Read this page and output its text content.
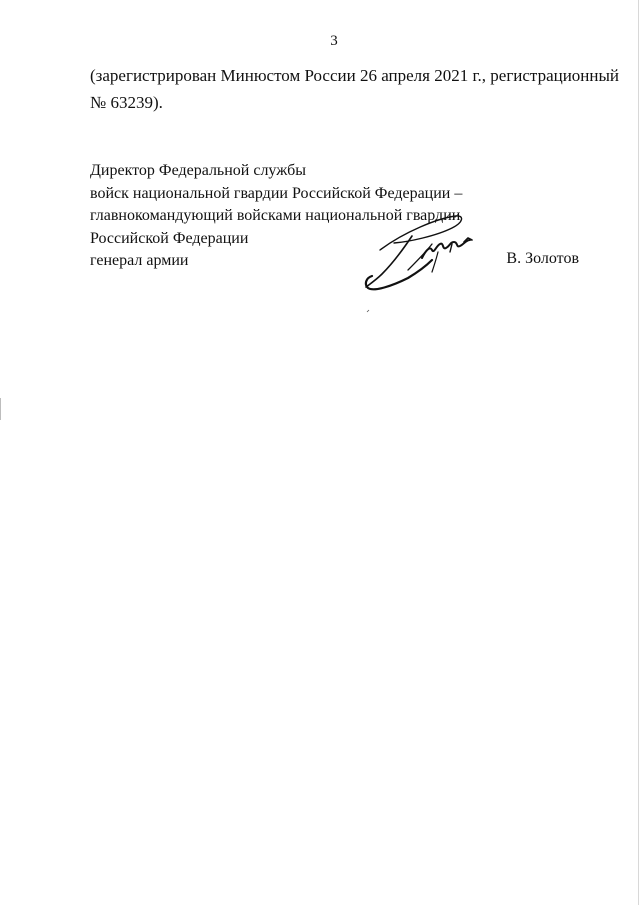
3
(зарегистрирован Минюстом России 26 апреля 2021 г., регистрационный
№ 63239).
Директор Федеральной службы
войск национальной гвардии Российской Федерации –
главнокомандующий войсками национальной гвардии
Российской Федерации
генерал армии	В. Золотов
